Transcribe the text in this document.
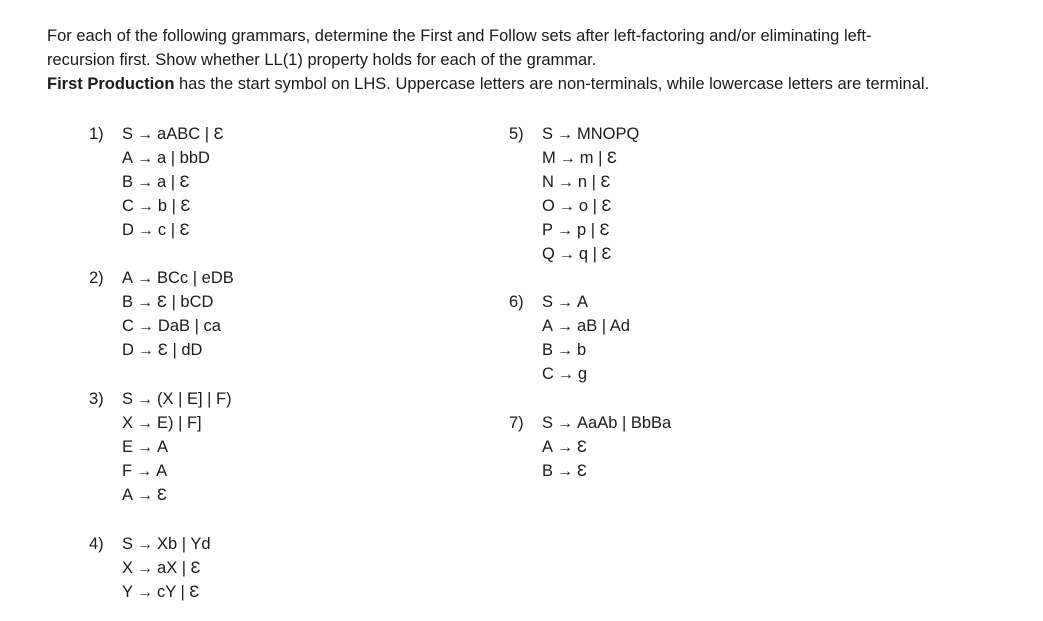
For each of the following grammars, determine the First and Follow sets after left-factoring and/or eliminating left-

recursion first. Show whether LL(1) property holds for each of the grammar.

First Production has the start symbol on LHS. Uppercase letters are non-terminals, while lowercase letters are terminal.

1) S → aABC | Ɛ
A → a | bbD
B → a | Ɛ
C → b | Ɛ
D → c | Ɛ
2) A → BCc | eDB
B → Ɛ | bCD
C → DaB | ca
D → Ɛ | dD
3) S → (X | E] | F)
X → E) | F]
E → A
F → A
A → Ɛ
4) S → Xb | Yd
X → aX | Ɛ
Y → cY | Ɛ
5) S → MNOPQ
M → m | Ɛ
N → n | Ɛ
O → o | Ɛ
P → p | Ɛ
Q → q | Ɛ
6) S → A
A → aB | Ad
B → b
C → g
7) S → AaAb | BbBa
A → Ɛ
B → Ɛ
